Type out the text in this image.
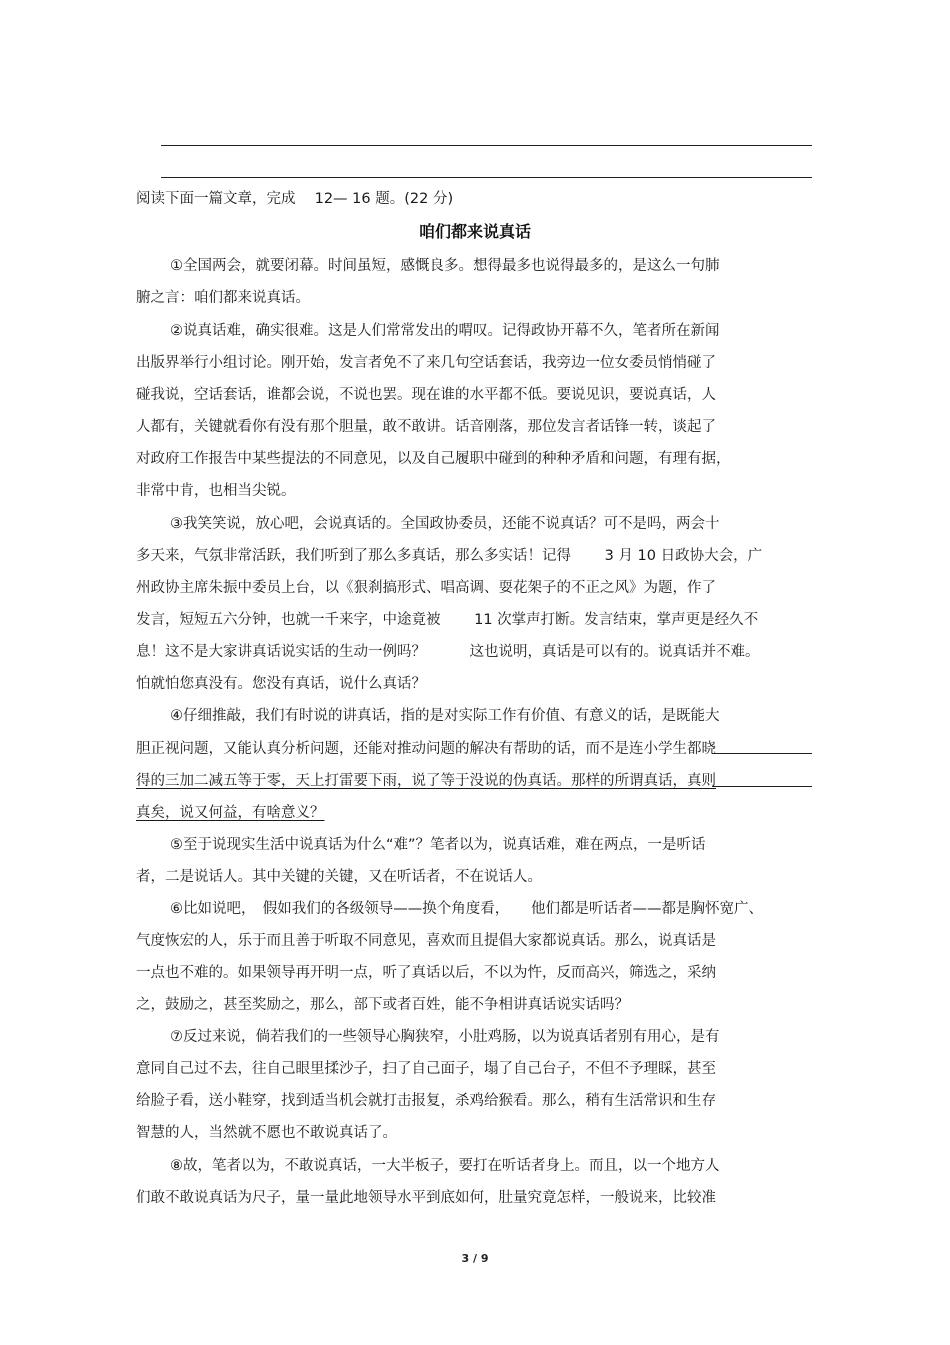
阅读下面一篇文章，完成　 12— 16 题。(22 分)
咱们都来说真话
①全国两会，就要闭幕。时间虽短，感慨良多。想得最多也说得最多的，是这么一句肺
腑之言：咱们都来说真话。
②说真话难，确实很难。这是人们常常发出的喟叹。记得政协开幕不久，笔者所在新闻
出版界举行小组讨论。刚开始，发言者免不了来几句空话套话，我旁边一位女委员悄悄碰了
碰我说，空话套话，谁都会说，不说也罢。现在谁的水平都不低。要说见识，要说真话，人
人都有，关键就看你有没有那个胆量，敢不敢讲。话音刚落，那位发言者话锋一转，谈起了
对政府工作报告中某些提法的不同意见，以及自己履职中碰到的种种矛盾和问题，有理有据，
非常中肯，也相当尖锐。
③我笑笑说，放心吧，会说真话的。全国政协委员，还能不说真话？可不是吗，两会十
多天来，气氛非常活跃，我们听到了那么多真话，那么多实话！记得　　 3 月 10 日政协大会，广
州政协主席朱振中委员上台，以《狠刹搞形式、唱高调、耍花架子的不正之风》为题，作了
发言，短短五六分钟，也就一千来字，中途竟被　　 11 次掌声打断。发言结束，掌声更是经久不
息！这不是大家讲真话说实话的生动一例吗？　　　这也说明，真话是可以有的。说真话并不难。
怕就怕您真没有。您没有真话，说什么真话？
④仔细推敲，我们有时说的讲真话，指的是对实际工作有价值、有意义的话，是既能大
胆正视问题，又能认真分析问题，还能对推动问题的解决有帮助的话，而不是连小学生都晓
得的三加二减五等于零，天上打雷要下雨，说了等于没说的伪真话。那样的所谓真话，真则
真矣，说又何益，有啥意义？
⑤至于说现实生活中说真话为什么“难”？笔者以为，说真话难，难在两点，一是听话
者，二是说话人。其中关键的关键，又在听话者，不在说话人。
⑥比如说吧，　假如我们的各级领导——换个角度看，　　他们都是听话者——都是胸怀宽广、
气度恢宏的人，乐于而且善于听取不同意见，喜欢而且提倡大家都说真话。那么，说真话是
一点也不难的。如果领导再开明一点，听了真话以后，不以为忤，反而高兴，筛选之，采纳
之，鼓励之，甚至奖励之，那么，部下或者百姓，能不争相讲真话说实话吗？
⑦反过来说，倘若我们的一些领导心胸狭窄，小肚鸡肠，以为说真话者别有用心，是有
意同自己过不去，往自己眼里揉沙子，扫了自己面子，塌了自己台子，不但不予理睬，甚至
给脸子看，送小鞋穿，找到适当机会就打击报复，杀鸡给猴看。那么，稍有生活常识和生存
智慧的人，当然就不愿也不敢说真话了。
⑧故，笔者以为，不敢说真话，一大半板子，要打在听话者身上。而且，以一个地方人
们敢不敢说真话为尺子，量一量此地领导水平到底如何，肚量究竟怎样，一般说来，比较准
3 / 9
